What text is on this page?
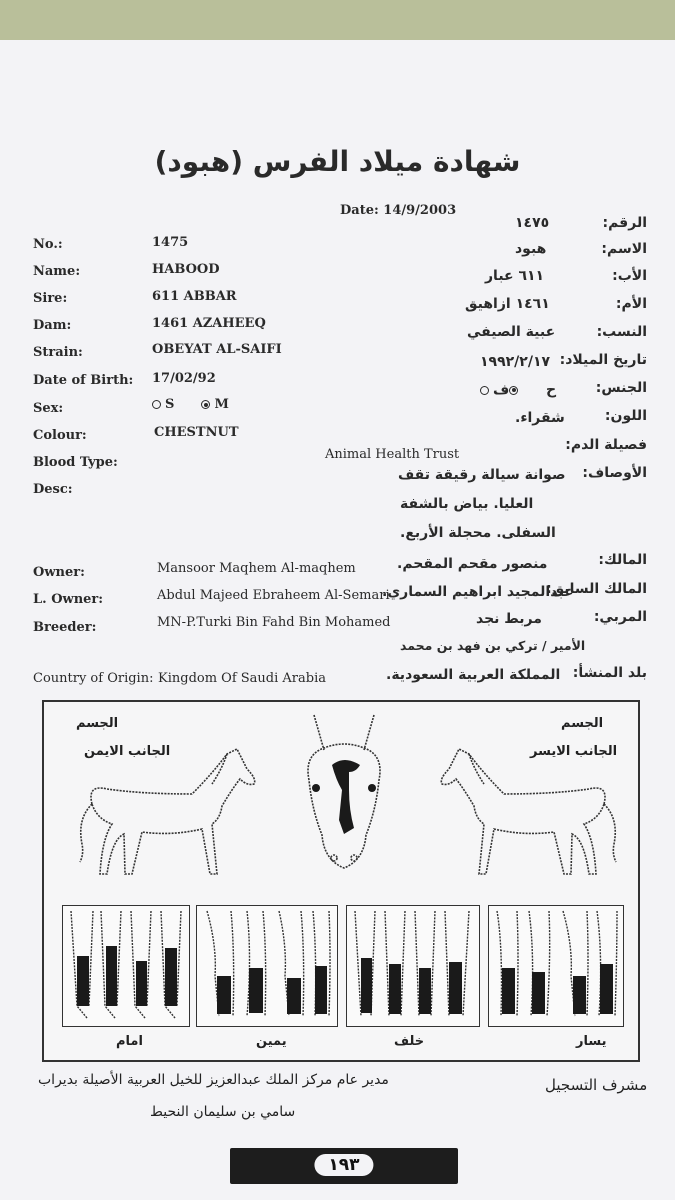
شهادة ميلاد الفرس (هبود)
Date: 14/9/2003
No.:	1475
Name:	HABOOD
Sire:	611 ABBAR
Dam:	1461 AZAHEEQ
Strain:	OBEYAT AL-SAIFI
Date of Birth: 17/02/92
Sex:	S	M
Colour:	CHESTNUT
Blood Type:
Animal Health Trust
Desc:
الرقم:
١٤٧٥
الاسم:
هبود
الأب:
٦١١ عبار
الأم:
١٤٦١ ازاهيق
النسب:
عبية الصيفي
تاريخ الميلاد:
١٩٩٢/٢/١٧
الجنس:
ح  ف
اللون:
شقراء.
فصيلة الدم:
الأوصاف:
صوانة سيالة رقيقة تقف
العليا. بياض بالشفة
السفلى. محجلة الأربع.
Owner:	Mansoor Maqhem Al-maqhem
L. Owner:	Abdul Majeed Ebraheem Al-Semari
Breeder:	MN-P.Turki Bin Fahd Bin Mohamed
Country of Origin: Kingdom Of Saudi Arabia
المالك:
منصور مقحم المقحم.
المالك السابق:
عبدالمجيد ابراهيم السماري.
المربي:
مربط نجد
الأمير / تركي بن فهد بن محمد
بلد المنشأ:
المملكة العربية السعودية.
الجسم
الجانب الايمن
الجسم
الجانب الايسر
امام	يمين	خلف	يسار
مشرف التسجيل
مدير عام مركز الملك عبدالعزيز للخيل العربية الأصيلة بديراب
سامي بن سليمان النحيط
١٩٣
